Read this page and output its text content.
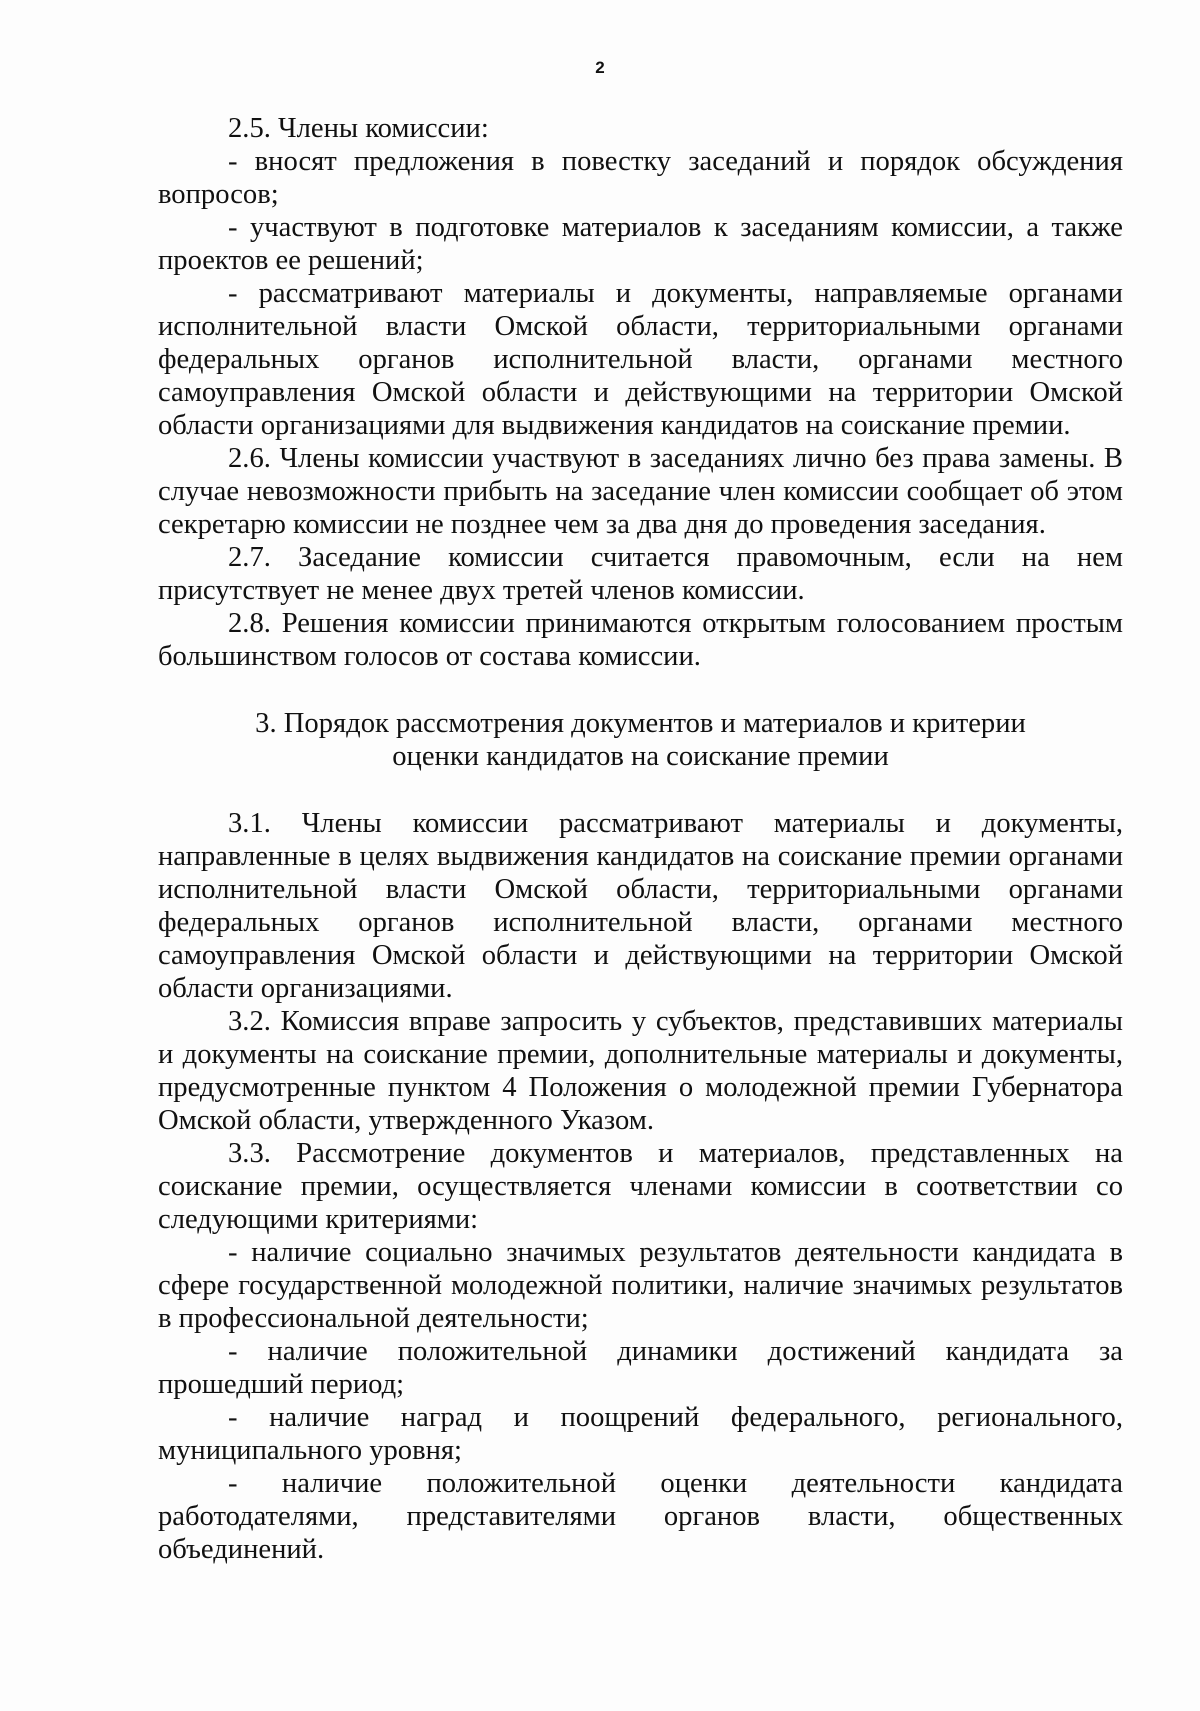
2

2.5. Члены комиссии:

- вносят предложения в повестку заседаний и порядок обсуждения вопросов;

- участвуют в подготовке материалов к заседаниям комиссии, а также проектов ее решений;

- рассматривают материалы и документы, направляемые органами исполнительной власти Омской области, территориальными органами федеральных органов исполнительной власти, органами местного самоуправления Омской области и действующими на территории Омской области организациями для выдвижения кандидатов на соискание премии.

2.6. Члены комиссии участвуют в заседаниях лично без права замены. В случае невозможности прибыть на заседание член комиссии сообщает об этом секретарю комиссии не позднее чем за два дня до проведения заседания.

2.7. Заседание комиссии считается правомочным, если на нем присутствует не менее двух третей членов комиссии.

2.8. Решения комиссии принимаются открытым голосованием простым большинством голосов от состава комиссии.

3. Порядок рассмотрения документов и материалов и критерии
оценки кандидатов на соискание премии

3.1. Члены комиссии рассматривают материалы и документы, направленные в целях выдвижения кандидатов на соискание премии органами исполнительной власти Омской области, территориальными органами федеральных органов исполнительной власти, органами местного самоуправления Омской области и действующими на территории Омской области организациями.

3.2. Комиссия вправе запросить у субъектов, представивших материалы и документы на соискание премии, дополнительные материалы и документы, предусмотренные пунктом 4 Положения о молодежной премии Губернатора Омской области, утвержденного Указом.

3.3. Рассмотрение документов и материалов, представленных на соискание премии, осуществляется членами комиссии в соответствии со следующими критериями:

- наличие социально значимых результатов деятельности кандидата в сфере государственной молодежной политики, наличие значимых результатов в профессиональной деятельности;

- наличие положительной динамики достижений кандидата за прошедший период;

- наличие наград и поощрений федерального, регионального, муниципального уровня;

- наличие положительной оценки деятельности кандидата работодателями, представителями органов власти, общественных объединений.
